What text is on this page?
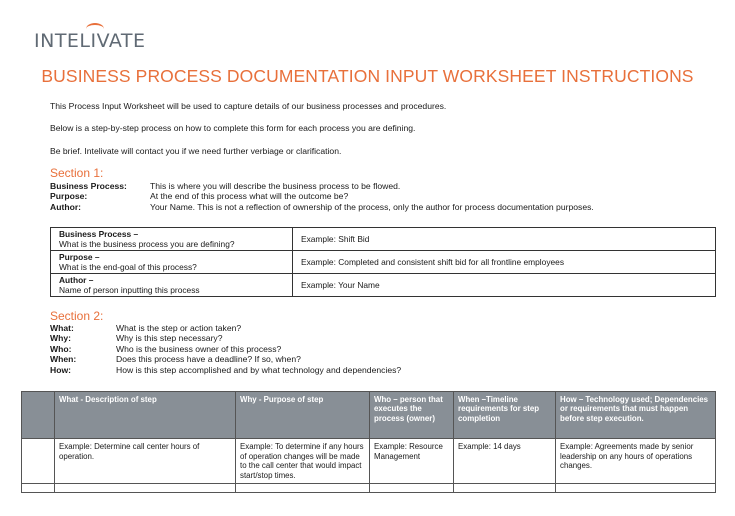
INTELIVATE
BUSINESS PROCESS DOCUMENTATION INPUT WORKSHEET INSTRUCTIONS
This Process Input Worksheet will be used to capture details of our business processes and procedures.
Below is a step-by-step process on how to complete this form for each process you are defining.
Be brief. Intelivate will contact you if we need further verbiage or clarification.
Section 1:
Business Process:	This is where you will describe the business process to be flowed.
Purpose:	At the end of this process what will the outcome be?
Author:	Your Name. This is not a reflection of ownership of the process, only the author for process documentation purposes.
Business Process –
What is the business process you are defining?	Example: Shift Bid

Purpose –
What is the end-goal of this process?	Example: Completed and consistent shift bid for all frontline employees

Author –
Name of person inputting this process	Example: Your Name
Section 2:
What:	What is the step or action taken?
Why:	Why is this step necessary?
Who:	Who is the business owner of this process?
When:	Does this process have a deadline? If so, when?
How:	How is this step accomplished and by what technology and dependencies?
	What - Description of step	Why - Purpose of step	Who – person that executes the process (owner)	When –Timeline requirements for step completion	How – Technology used; Dependencies or requirements that must happen before step execution.
	Example: Determine call center hours of operation.	Example: To determine if any hours of operation changes will be made to the call center that would impact start/stop times.	Example: Resource Management	Example: 14 days	Example: Agreements made by senior leadership on any hours of operations changes.
